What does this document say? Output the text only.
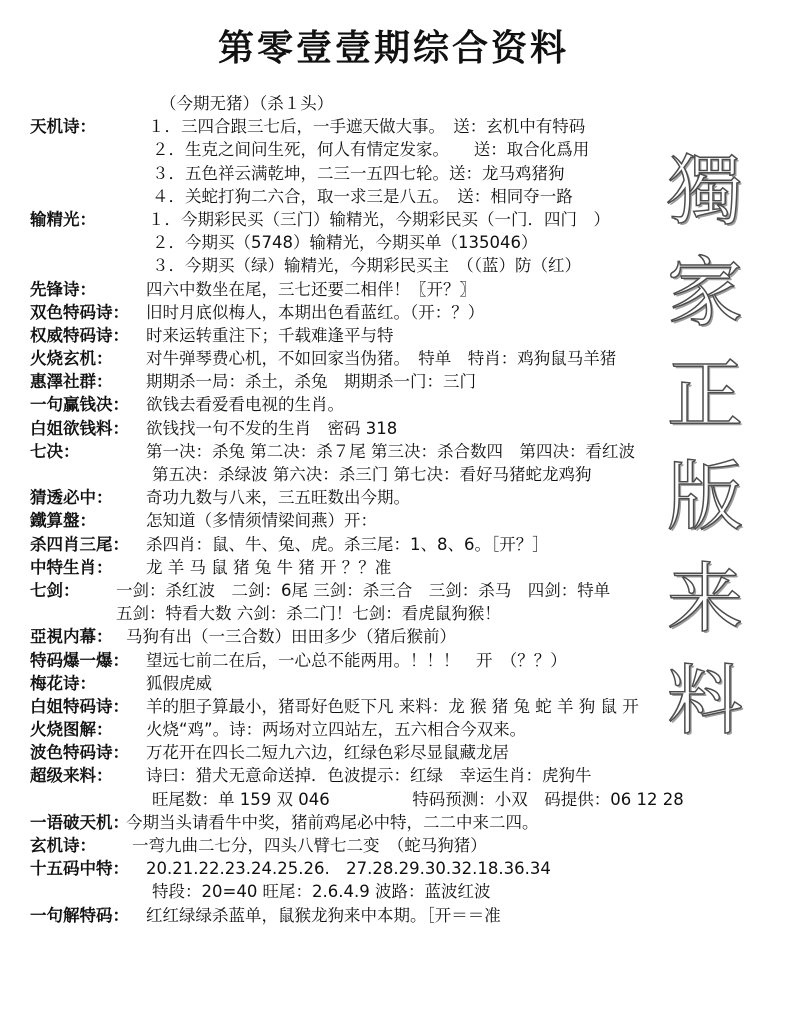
第零壹壹期综合资料
獨
家
正
版
来
料
（今期无猪）（杀１头）
天机诗：	１．三四合跟三七后，一手遮天做大事。　送：玄机中有特码
２．生克之间问生死，何人有情定发家。　　送：取合化爲用
３．五色祥云满乾坤，二三一五四七轮。送：龙马鸡猪狗
４．关蛇打狗二六合，取一求三是八五。　送：相同夺一路
输精光：	１．今期彩民买（三门）输精光，今期彩民买（一门．四门　）
２．今期买（5748）输精光，今期买单（135046）
３．今期买（绿）输精光，今期彩民买主　（（蓝）防（红）
先锋诗：	四六中数坐在尾，三七还要二相伴！〖开？〗
双色特码诗： 旧时月底似梅人，本期出色看蓝红。（开：？）
权威特码诗： 时来运转重注下；千载难逢平与特
火烧玄机： 对牛弹琴费心机，不如回家当伪猪。　特单　特肖：鸡狗鼠马羊猪
惠澤社群： 期期杀一局：杀土，杀兔　期期杀一门：三门
一句赢钱决： 欲钱去看爱看电视的生肖。
白姐欲钱料： 欲钱找一句不发的生肖　密码 318
七决：	第一决：杀兔 第二决：杀７尾 第三决：杀合数四　第四决：看红波
第五决：杀绿波 第六决：杀三门 第七决：看好马猪蛇龙鸡狗
猜透必中： 奇功九数与八来，三五旺数出今期。
鐵算盤：	怎知道（多情须情梁间燕）开：
杀四肖三尾： 杀四肖：鼠、牛、兔、虎。杀三尾：1、8、6。［开？］
中特生肖： 龙 羊 马 鼠 猪 兔 牛 猪 开 ？？准
七剑： 一剑：杀红波　二剑：6尾 三剑：杀三合　三剑：杀马　四剑：特单
五剑：特看大数 六剑：杀二门！七剑：看虎鼠狗猴！
亞視内幕： 马狗有出（一三合数）田田多少（猪后猴前）
特码爆一爆： 望远七前二在后，一心总不能两用。！！！　开　（？？）
梅花诗：	狐假虎威
白姐特码诗： 羊的胆子算最小，猪哥好色贬下凡 来料：龙 猴 猪 兔 蛇 羊 狗 鼠 开
火烧图解： 火烧“鸡”。诗：两场对立四站左，五六相合今双来。
波色特码诗： 万花开在四长二短九六边，红绿色彩尽显鼠藏龙居
超级来料： 诗曰：猎犬无意命送掉．色波提示：红绿　幸运生肖：虎狗牛
旺尾数：单 159 双 046　　　　　特码预测：小双　码提供：06 12 28
一语破天机：
今期当头请看牛中奖，猪前鸡尾必中特，二二中来二四。
玄机诗： 一弯九曲二七分，四头八臂七二变　（蛇马狗猪）
十五码中特： 20.21.22.23.24.25.26.　27.28.29.30.32.18.36.34
特段：20=40 旺尾：2.6.4.9 波路：蓝波红波
一句解特码： 红红绿绿杀蓝单，鼠猴龙狗来中本期。［开＝＝准
